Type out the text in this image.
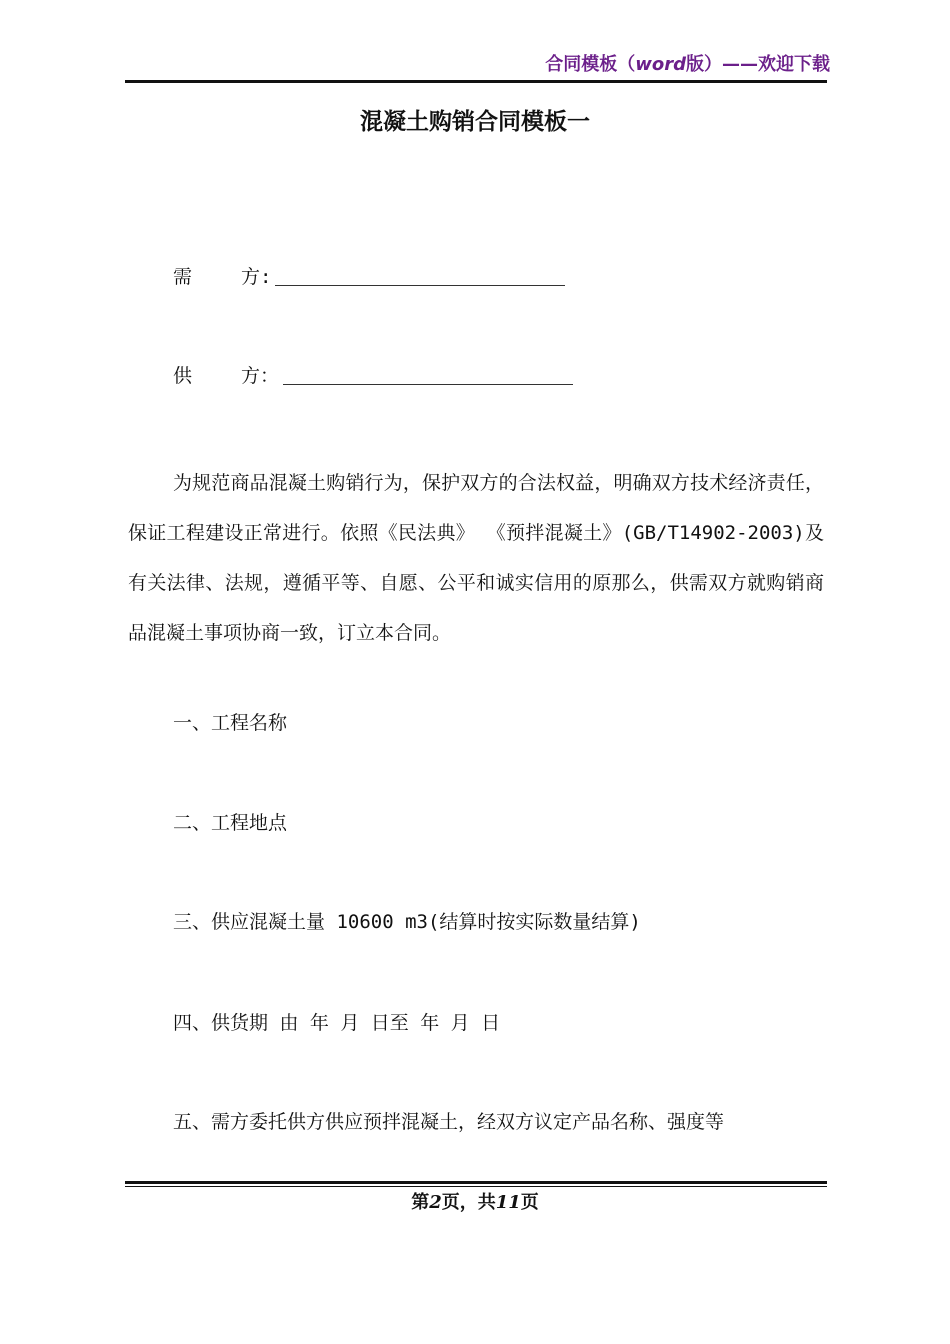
合同模板（word版）——欢迎下载
混凝土购销合同模板一
需	方:
供	方：
为规范商品混凝土购销行为，保护双方的合法权益，明确双方技术经济责任，保证工程建设正常进行。依照《民法典》 《预拌混凝土》(GB/T14902-2003)及有关法律、法规，遵循平等、自愿、公平和诚实信用的原那么，供需双方就购销商品混凝土事项协商一致，订立本合同。
一、工程名称
二、工程地点
三、供应混凝土量 10600 m3(结算时按实际数量结算)
四、供货期 由 年 月 日至 年 月 日
五、需方委托供方供应预拌混凝土，经双方议定产品名称、强度等
第2页，共11页
